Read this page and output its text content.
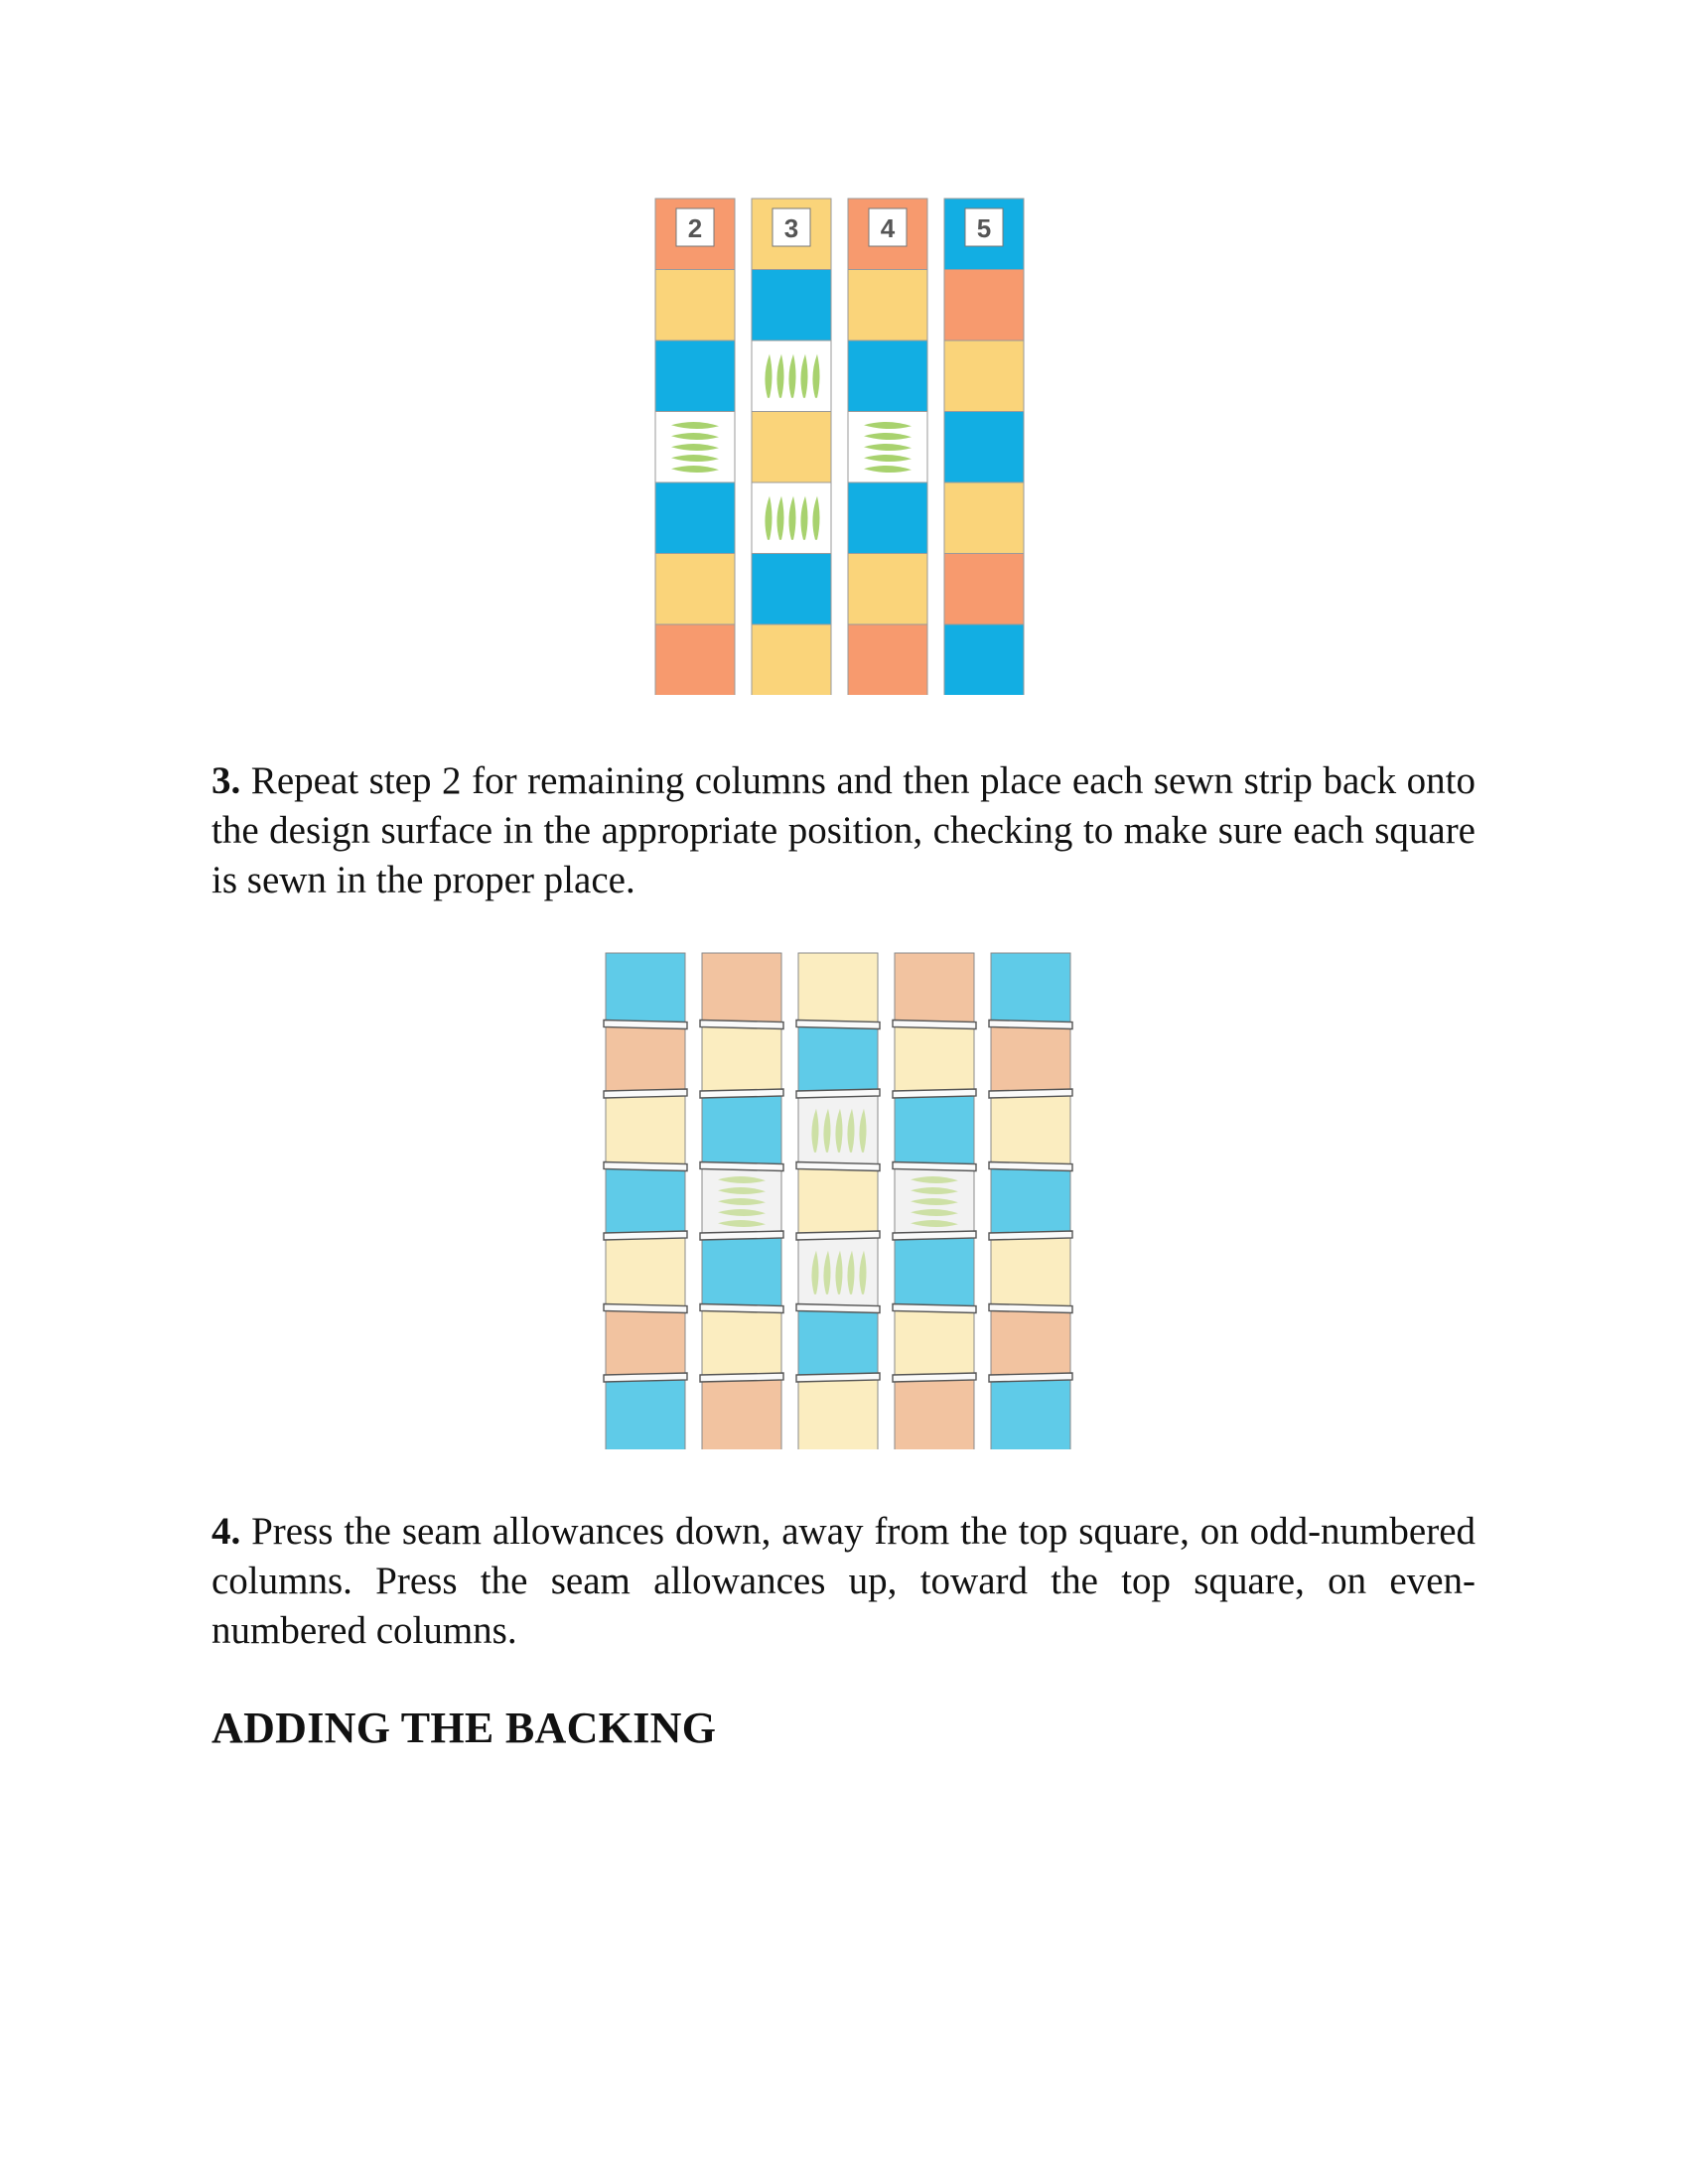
2	3	4	5

3. Repeat step 2 for remaining columns and then place each sewn strip back onto the design surface in the appropriate position, checking to make sure each square is sewn in the proper place.

4. Press the seam allowances down, away from the top square, on odd-numbered columns. Press the seam allowances up, toward the top square, on even-numbered columns.

ADDING THE BACKING
